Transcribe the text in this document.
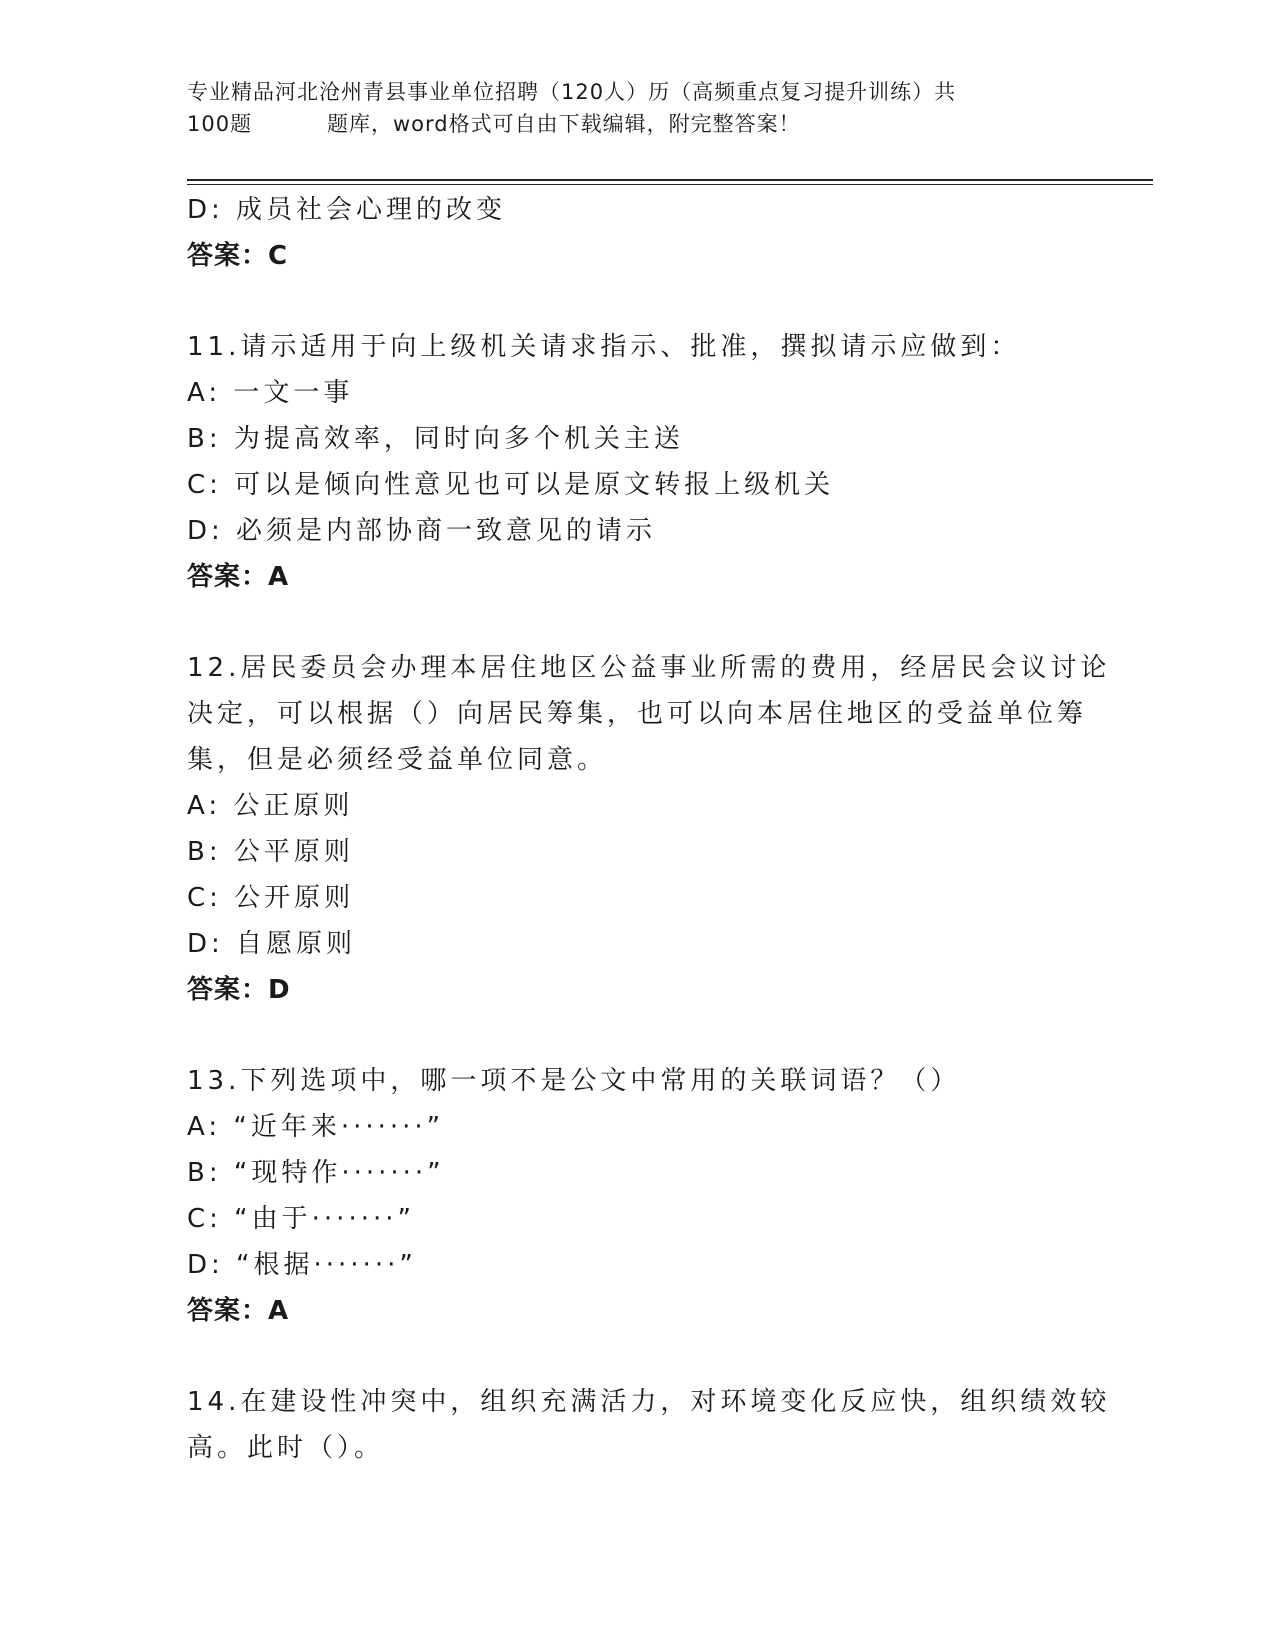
专业精品河北沧州青县事业单位招聘（120人）历（高频重点复习提升训练）共
100题	题库，word格式可自由下载编辑，附完整答案！
D: 成员社会心理的改变
答案：C
11.请示适用于向上级机关请求指示、批准，撰拟请示应做到：
A: 一文一事
B: 为提高效率，同时向多个机关主送
C: 可以是倾向性意见也可以是原文转报上级机关
D: 必须是内部协商一致意见的请示
答案：A
12.居民委员会办理本居住地区公益事业所需的费用，经居民会议讨论
决定，可以根据（）向居民筹集，也可以向本居住地区的受益单位筹
集，但是必须经受益单位同意。
A: 公正原则
B: 公平原则
C: 公开原则
D: 自愿原则
答案：D
13.下列选项中，哪一项不是公文中常用的关联词语？（）
A: “近年来·······”
B: “现特作·······”
C: “由于·······”
D: “根据·······”
答案：A
14.在建设性冲突中，组织充满活力，对环境变化反应快，组织绩效较
高。此时（）。
